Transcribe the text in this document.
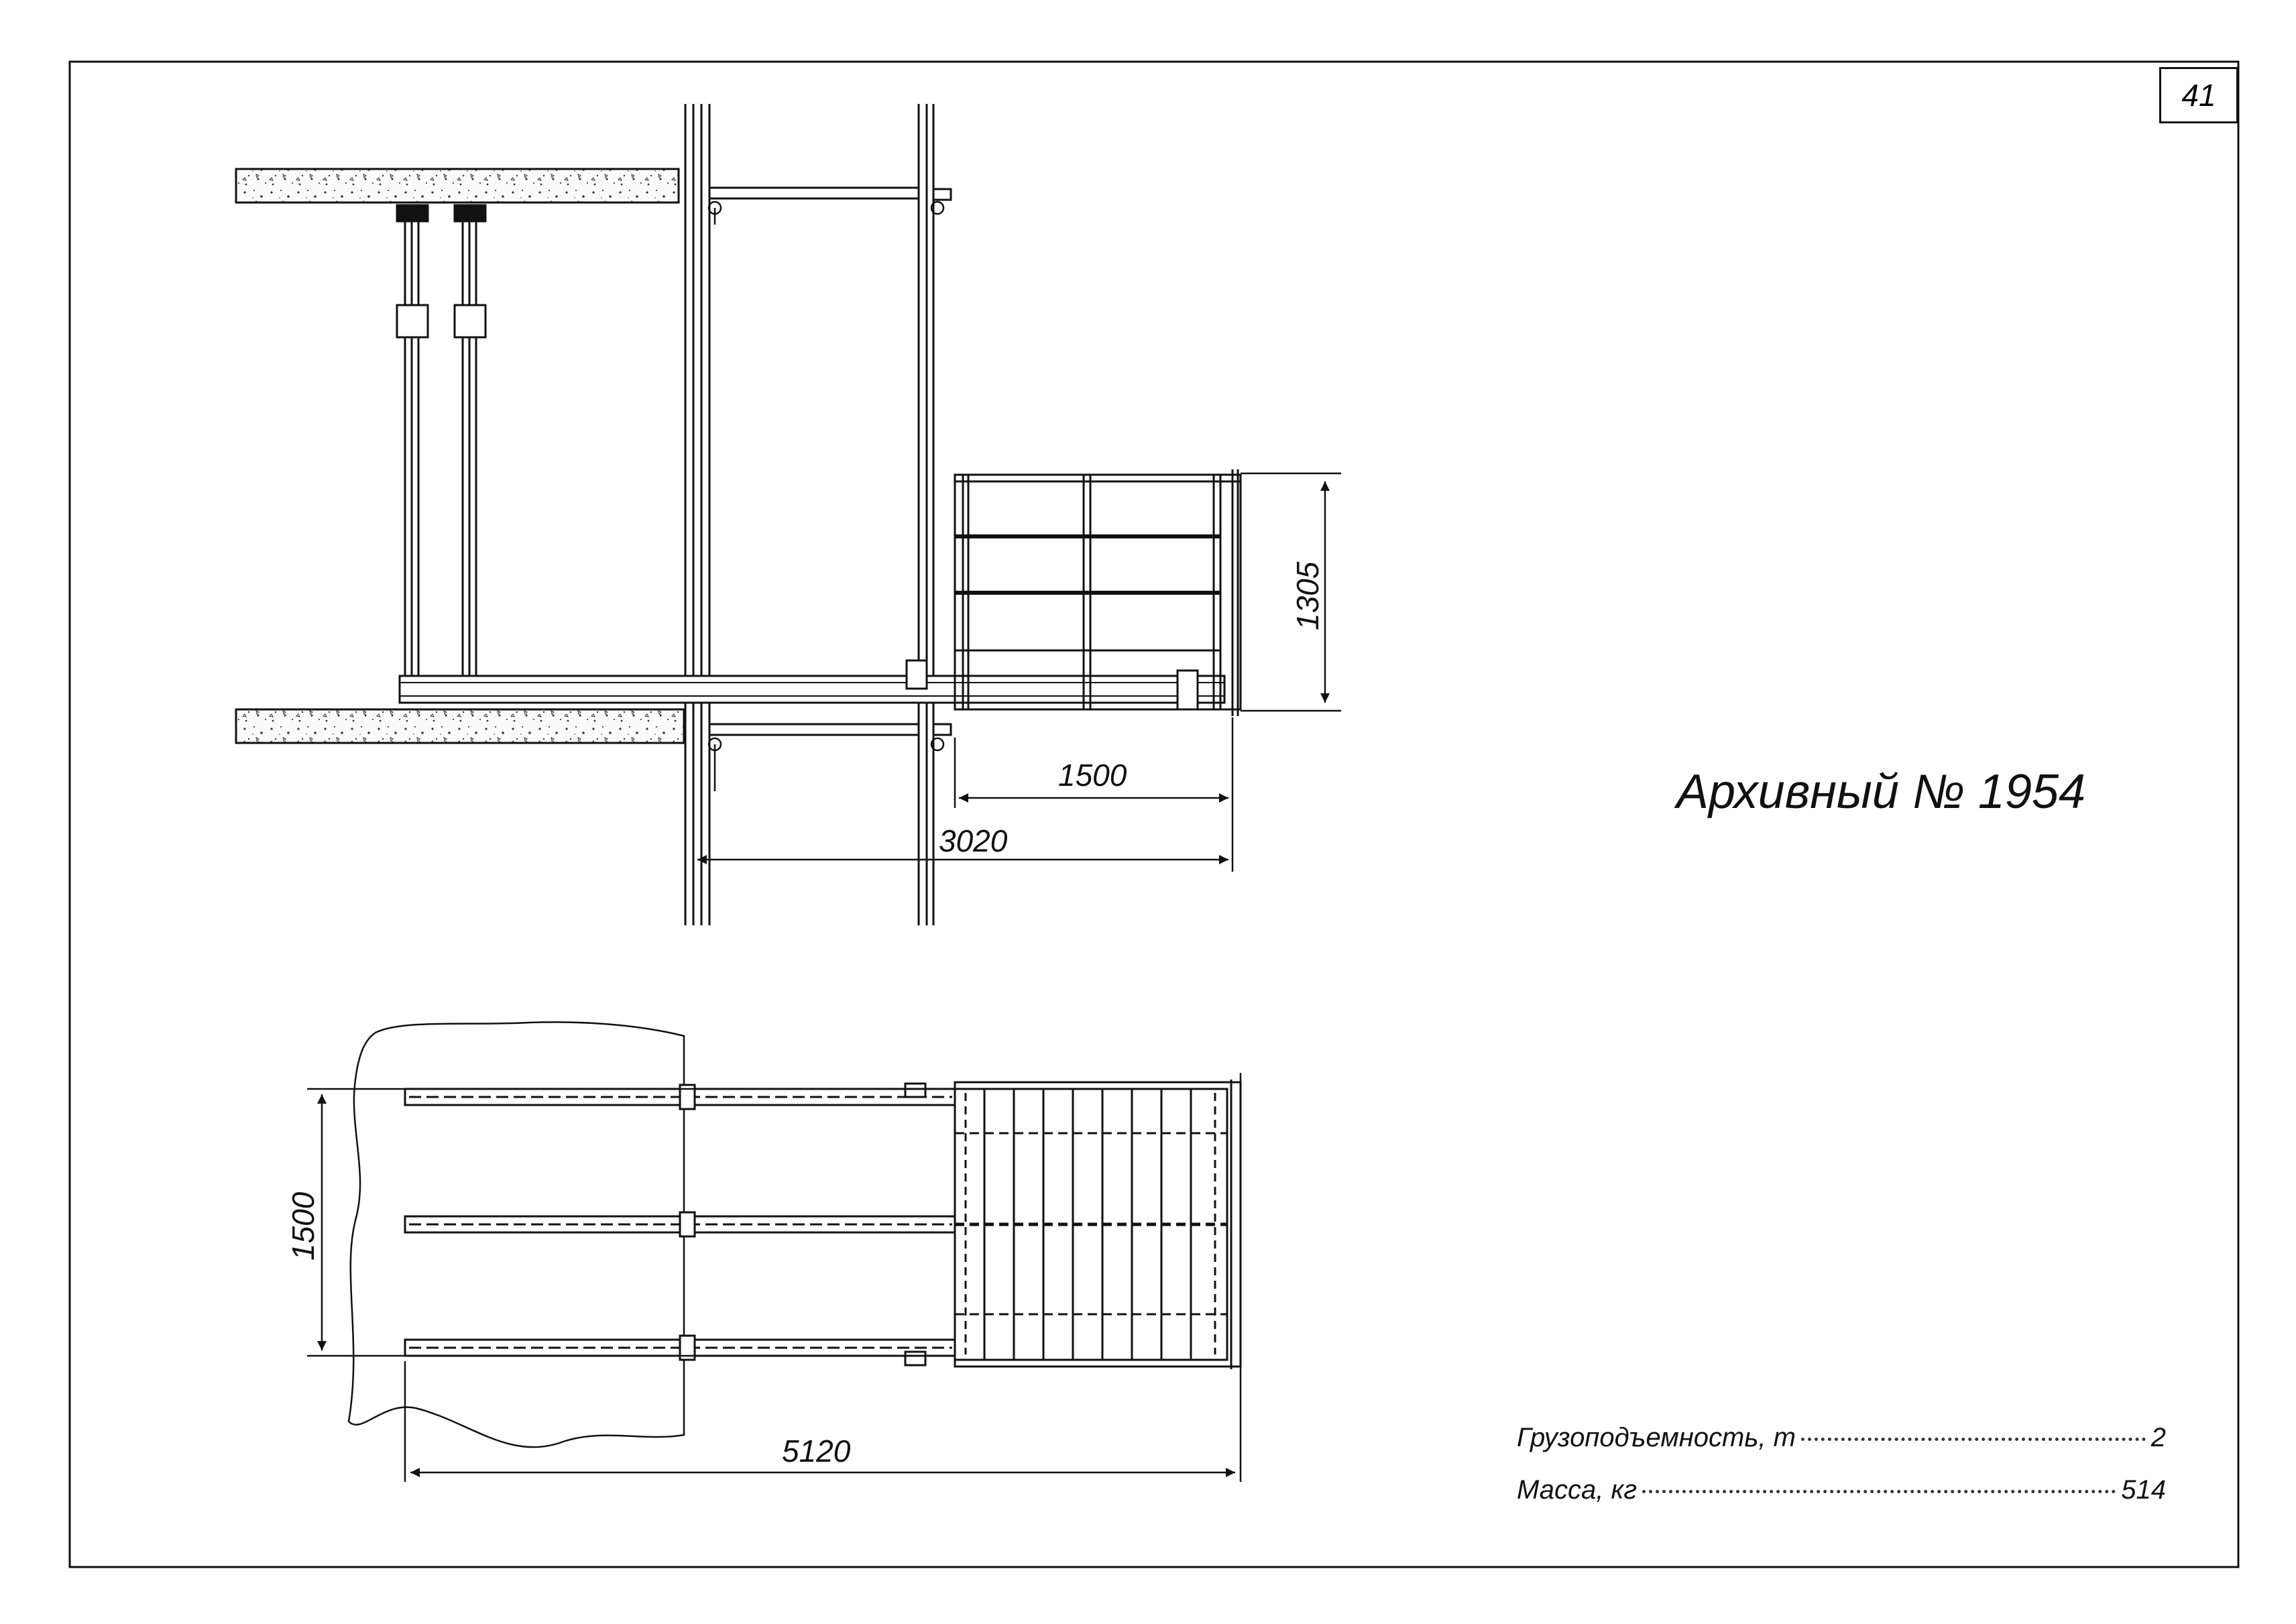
1305
1500
3020
1500
5120
41
Архивный № 1954
Грузоподъемность, т	2
Масса, кг	514
